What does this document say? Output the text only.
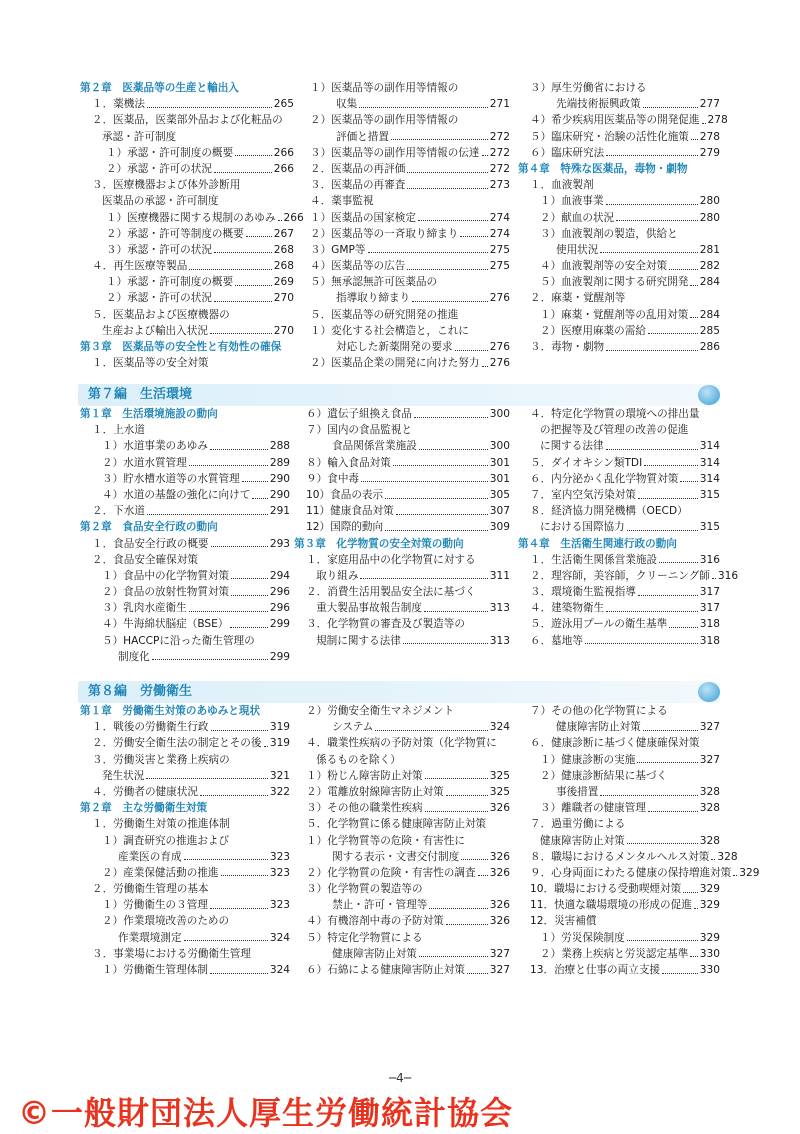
第２章　医薬品等の生産と輸出入
１．薬機法	265
２．医薬品，医薬部外品および化粧品の
承認・許可制度
１）承認・許可制度の概要	266
２）承認・許可の状況	266
３．医療機器および体外診断用
医薬品の承認・許可制度
１）医療機器に関する規制のあゆみ 266
２）承認・許可等制度の概要	267
３）承認・許可の状況	268
４．再生医療等製品	268
１）承認・許可制度の概要	269
２）承認・許可の状況	270
５．医薬品および医療機器の
生産および輸出入状況	270
第３章　医薬品等の安全性と有効性の確保
１．医薬品等の安全対策
１）医薬品等の副作用等情報の
収集	271
２）医薬品等の副作用等情報の
評価と措置	272
３）医薬品等の副作用等情報の伝達 272
２．医薬品の再評価	272
３．医薬品の再審査	273
４．薬事監視
１）医薬品の国家検定	274
２）医薬品等の一斉取り締まり	274
３）GMP等	275
４）医薬品等の広告	275
５）無承認無許可医薬品の
指導取り締まり	276
５．医薬品等の研究開発の推進
１）変化する社会構造と，これに
対応した新薬開発の要求	276
２）医薬品企業の開発に向けた努力 276
３）厚生労働省における
先端技術振興政策	277
４）希少疾病用医薬品等の開発促進 278
５）臨床研究・治験の活性化施策 278
６）臨床研究法	279
第４章　特殊な医薬品，毒物・劇物
１．血液製剤
１）血液事業	280
２）献血の状況	280
３）血液製剤の製造，供給と
使用状況	281
４）血液製剤等の安全対策	282
５）血液製剤に関する研究開発 284
２．麻薬・覚醒剤等
１）麻薬・覚醒剤等の乱用対策 284
２）医療用麻薬の需給	285
３．毒物・劇物	286
第７編　生活環境
第１章　生活環境施設の動向
１．上水道
１）水道事業のあゆみ	288
２）水道水質管理	289
３）貯水槽水道等の水質管理	290
４）水道の基盤の強化に向けて 290
２．下水道	291
第２章　食品安全行政の動向
１．食品安全行政の概要	293
２．食品安全確保対策
１）食品中の化学物質対策	294
２）食品の放射性物質対策	296
３）乳肉水産衛生	296
４）牛海綿状脳症（BSE）	299
５）HACCPに沿った衛生管理の
制度化	299
６）遺伝子組換え食品	300
７）国内の食品監視と
食品関係営業施設	300
８）輸入食品対策	301
９）食中毒	301
10）食品の表示	305
11）健康食品対策	307
12）国際的動向	309
第３章　化学物質の安全対策の動向
１．家庭用品中の化学物質に対する
取り組み	311
２．消費生活用製品安全法に基づく
重大製品事故報告制度	313
３．化学物質の審査及び製造等の
規制に関する法律	313
４．特定化学物質の環境への排出量
の把握等及び管理の改善の促進
に関する法律	314
５．ダイオキシン類TDI	314
６．内分泌かく乱化学物質対策 314
７．室内空気汚染対策	315
８．経済協力開発機構（OECD）
における国際協力	315
第４章　生活衛生関連行政の動向
１．生活衛生関係営業施設	316
２．理容師，美容師，クリーニング師 316
３．環境衛生監視指導	317
４．建築物衛生	317
５．遊泳用プールの衛生基準	318
６．墓地等	318
第８編　労働衛生
第１章　労働衛生対策のあゆみと現状
１．戦後の労働衛生行政	319
２．労働安全衛生法の制定とその後 319
３．労働災害と業務上疾病の
発生状況	321
４．労働者の健康状況	322
第２章　主な労働衛生対策
１．労働衛生対策の推進体制
１）調査研究の推進および
産業医の育成	323
２）産業保健活動の推進	323
２．労働衛生管理の基本
１）労働衛生の３管理	323
２）作業環境改善のための
作業環境測定	324
３．事業場における労働衛生管理
１）労働衛生管理体制	324
２）労働安全衛生マネジメント
システム	324
４．職業性疾病の予防対策（化学物質に
係るものを除く）
１）粉じん障害防止対策	325
２）電離放射線障害防止対策	325
３）その他の職業性疾病	326
５．化学物質に係る健康障害防止対策
１）化学物質等の危険・有害性に
関する表示・文書交付制度	326
２）化学物質の危険・有害性の調査 326
３）化学物質の製造等の
禁止・許可・管理等	326
４）有機溶剤中毒の予防対策	326
５）特定化学物質による
健康障害防止対策	327
６）石綿による健康障害防止対策 327
７）その他の化学物質による
健康障害防止対策	327
６．健康診断に基づく健康確保対策
１）健康診断の実施	327
２）健康診断結果に基づく
事後措置	328
３）離職者の健康管理	328
７．過重労働による
健康障害防止対策	328
８．職場におけるメンタルヘルス対策 328
９．心身両面にわたる健康の保持増進対策 329
10．職場における受動喫煙対策 329
11．快適な職場環境の形成の促進 329
12．災害補償
１）労災保険制度	329
２）業務上疾病と労災認定基準 330
13．治療と仕事の両立支援	330
─4─
©一般財団法人厚生労働統計協会
